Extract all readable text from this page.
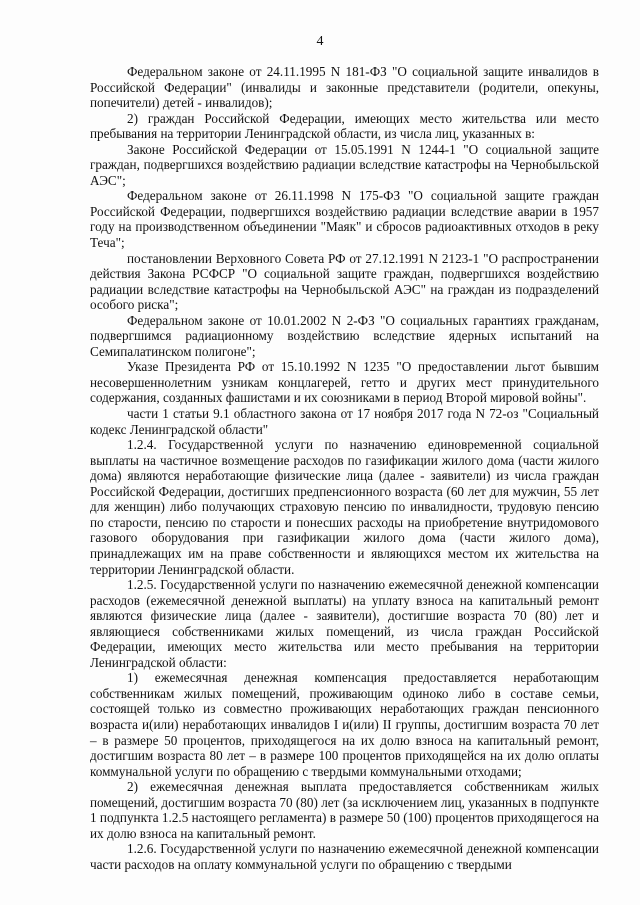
4

Федеральном законе от 24.11.1995 N 181-ФЗ "О социальной защите инвалидов в Российской Федерации" (инвалиды и законные представители (родители, опекуны, попечители) детей - инвалидов);

2) граждан Российской Федерации, имеющих место жительства или место пребывания на территории Ленинградской области, из числа лиц, указанных в:

Законе Российской Федерации от 15.05.1991 N 1244-1 "О социальной защите граждан, подвергшихся воздействию радиации вследствие катастрофы на Чернобыльской АЭС";

Федеральном законе от 26.11.1998 N 175-ФЗ "О социальной защите граждан Российской Федерации, подвергшихся воздействию радиации вследствие аварии в 1957 году на производственном объединении "Маяк" и сбросов радиоактивных отходов в реку Теча";

постановлении Верховного Совета РФ от 27.12.1991 N 2123-1 "О распространении действия Закона РСФСР "О социальной защите граждан, подвергшихся воздействию радиации вследствие катастрофы на Чернобыльской АЭС" на граждан из подразделений особого риска";

Федеральном законе от 10.01.2002 N 2-ФЗ "О социальных гарантиях гражданам, подвергшимся радиационному воздействию вследствие ядерных испытаний на Семипалатинском полигоне";

Указе Президента РФ от 15.10.1992 N 1235 "О предоставлении льгот бывшим несовершеннолетним узникам концлагерей, гетто и других мест принудительного содержания, созданных фашистами и их союзниками в период Второй мировой войны".

части 1 статьи 9.1 областного закона от 17 ноября 2017 года N 72-оз "Социальный кодекс Ленинградской области"

1.2.4. Государственной услуги по назначению единовременной социальной выплаты на частичное возмещение расходов по газификации жилого дома (части жилого дома) являются неработающие физические лица (далее - заявители) из числа граждан Российской Федерации, достигших предпенсионного возраста (60 лет для мужчин, 55 лет для женщин) либо получающих страховую пенсию по инвалидности, трудовую пенсию по старости, пенсию по старости и понесших расходы на приобретение внутридомового газового оборудования при газификации жилого дома (части жилого дома), принадлежащих им на праве собственности и являющихся местом их жительства на территории Ленинградской области.

1.2.5. Государственной услуги по назначению ежемесячной денежной компенсации расходов (ежемесячной денежной выплаты) на уплату взноса на капитальный ремонт являются физические лица (далее - заявители), достигшие возраста 70 (80) лет и являющиеся собственниками жилых помещений, из числа граждан Российской Федерации, имеющих место жительства или место пребывания на территории Ленинградской области:

1) ежемесячная денежная компенсация предоставляется неработающим собственникам жилых помещений, проживающим одиноко либо в составе семьи, состоящей только из совместно проживающих неработающих граждан пенсионного возраста и(или) неработающих инвалидов I и(или) II группы, достигшим возраста 70 лет – в размере 50 процентов, приходящегося на их долю взноса на капитальный ремонт, достигшим возраста 80 лет – в размере 100 процентов приходящейся на их долю оплаты коммунальной услуги по обращению с твердыми коммунальными отходами;

2) ежемесячная денежная выплата предоставляется собственникам жилых помещений, достигшим возраста 70 (80) лет (за исключением лиц, указанных в подпункте 1 подпункта 1.2.5 настоящего регламента) в размере 50 (100) процентов приходящегося на их долю взноса на капитальный ремонт.

1.2.6. Государственной услуги по назначению ежемесячной денежной компенсации части расходов на оплату коммунальной услуги по обращению с твердыми
